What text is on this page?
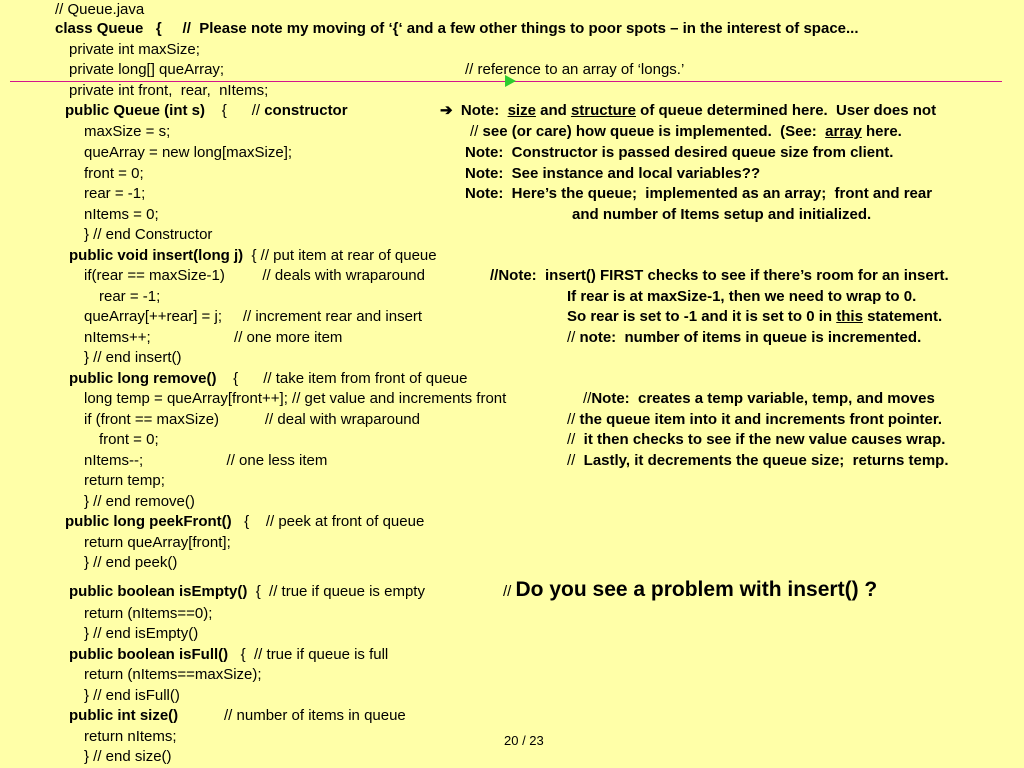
// Queue.java
class Queue   {     //  Please note my moving of ‘{‘ and a few other things to poor spots – in the interest of space...
private int maxSize;
private long[] queArray;	// reference to an array of ‘longs.’
private int front,  rear,  nItems;
public Queue (int s) {      // constructor	➔ Note:  size and structure of queue determined here.  User does not
maxSize = s;	// see (or care) how queue is implemented.  (See:  array here.
queArray = new long[maxSize];	Note:  Constructor is passed desired queue size from client.
front = 0;	Note:  See instance and local variables??
rear = -1;	Note:  Here’s the queue;  implemented as an array;  front and rear
nItems = 0;	and number of Items setup and initialized.
} // end Constructor
public void insert(long j)  { // put item at rear of queue
if(rear == maxSize-1)         // deals with wraparound	//Note:  insert() FIRST checks to see if there’s room for an insert.
rear = -1;	If rear is at maxSize-1, then we need to wrap to 0.
queArray[++rear] = j;     // increment rear and insert	So rear is set to -1 and it is set to 0 in this statement.
nItems++;                    // one more item	// note:  number of items in queue is incremented.
} // end insert()
public long remove()    {      // take item from front of queue
long temp = queArray[front++]; // get value and increments front	//Note:  creates a temp variable, temp, and moves
if (front == maxSize)           // deal with wraparound	// the queue item into it and increments front pointer.
front = 0;	//  it then checks to see if the new value causes wrap.
nItems--;                    // one less item	//  Lastly, it decrements the queue size;  returns temp.
return temp;
} // end remove()
public long peekFront()   {    // peek at front of queue
return queArray[front];
} // end peek()
public boolean isEmpty()  {  // true if queue is empty	// Do you see a problem with insert() ?
return (nItems==0);
} // end isEmpty()
public boolean isFull()   {  // true if queue is full
return (nItems==maxSize);
} // end isFull()
public int size()           // number of items in queue
return nItems;
} // end size()
20 / 23
